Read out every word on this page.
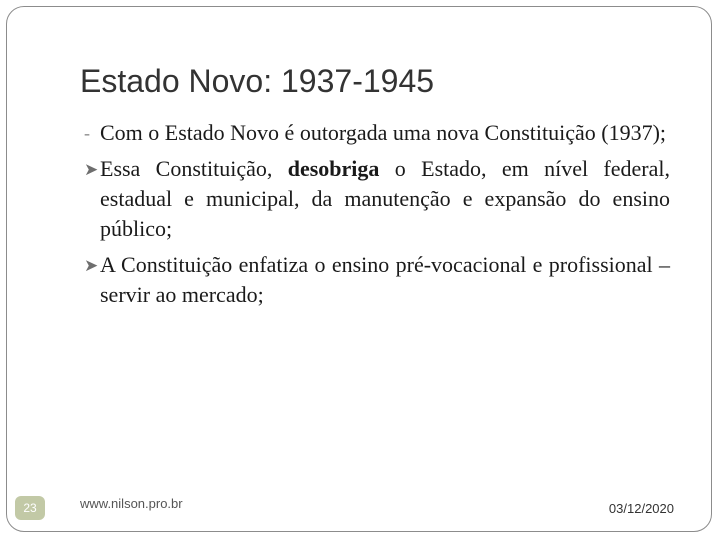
Estado Novo: 1937-1945
- Com o Estado Novo é outorgada uma nova Constituição (1937);
➤ Essa Constituição, desobriga o Estado, em nível federal, estadual e municipal, da manutenção e expansão do ensino público;
➤ A Constituição enfatiza o ensino pré-vocacional e profissional – servir ao mercado;
23	www.nilson.pro.br	03/12/2020
